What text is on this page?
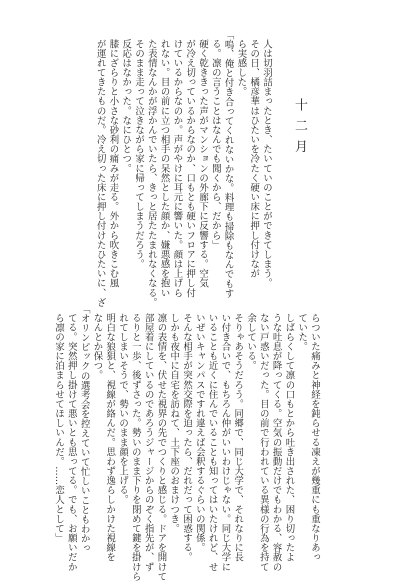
十二月

人は切羽詰まったとき、たいていのことができてしまう。

その日、橘彦華はひたいを冷たく硬い床に押し付けなが

ら実感した。

「嗚、俺と付き合ってくれないかな。料理も掃除もなんでもす

る。凛の言うことはなんでも聞くから、だから」

硬く乾ききった声がマンションの外廊下に反響する。空気

が冷え切っているからなのか、口もとも硬いフロアに押し付

けているからなのか。声がやけに耳元に響いた。顔は上げら

れない。目の前に立つ相手の呆然とした顔か、嫌悪感を抱い

た表情なんかが浮かんでいたら、きっと居たたまれなくなる。

そのまま走って泣きながら家に帰ってしまうだろう。

反応はなかった。なにひとつ。

膝にざらりと小さな砂利の痛みが走る。外から吹きこむ風

が運れてきたものだ。冷え切った床に押し付けたひたいに、ざ

らついた痛みと神経を鈍らせる凍えが幾重にも重なりあっ

ていた。

しばらくして凛の口もとから吐き出された、困り切ったよ

うな吐息が降ってくる。空気の振動だけでもわかる、容赦の

ない戸惑いだった。目の前で行われている異様の行為を持て

余している。

そりゃあそうだろう。同郷で、同じ大学で、それなりに長

い付き合いで、もちろん仲がいいわけじゃない。同じ大学に

いることも近くに住んでいることも知ってはいたけれど、せ

いぜいキャンパスですれ違えば会釈するぐらいの関係。

そんな相手が突然交際を迫ったら、だれだって困惑する。

しかも夜中に自宅を訪ねて、土下座のおまけつき。

凛の表情を、伏せた視界の先でつくりと感じる。ドアを開けて

部屋着にしているのであろうジャージからのぞく指先が、ず

るりと一歩、後ずさった。勢いのまま下りを閉めて鍵を掛けら

れてしまいそうで、勢いのまま顔を上げる。

明白な狼狽と、視線が絡んだ。思わず逸らしかけた視線を

なんとか保つ。

「オリンピックの選考会を控えていて忙しいこともわかっ

てる。突然押し掛けて悪いとも思ってる。でも、お願いだか

ら凛の家に泊まらせてほしいんだ。……恋人として」
